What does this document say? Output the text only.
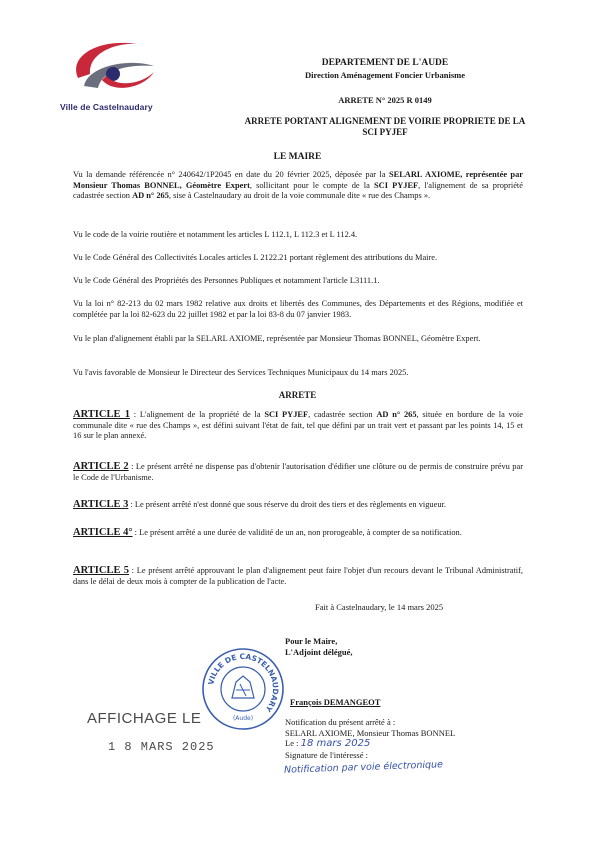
Ville de Castelnaudary
DEPARTEMENT DE L'AUDE
Direction Aménagement Foncier Urbanisme
ARRETE N° 2025 R 0149
ARRETE PORTANT ALIGNEMENT DE VOIRIE PROPRIETE DE LA SCI PYJEF
LE MAIRE
Vu la demande référencée n° 240642/1P2045 en date du 20 février 2025, déposée par la SELARL AXIOME, représentée par Monsieur Thomas BONNEL, Géomètre Expert, sollicitant pour le compte de la SCI PYJEF, l'alignement de sa propriété cadastrée section AD n° 265, sise à Castelnaudary au droit de la voie communale dite « rue des Champs ».
Vu le code de la voirie routière et notamment les articles L 112.1, L 112.3 et L 112.4.
Vu le Code Général des Collectivités Locales articles L 2122.21 portant règlement des attributions du Maire.
Vu le Code Général des Propriétés des Personnes Publiques et notamment l'article L3111.1.
Vu la loi n° 82-213 du 02 mars 1982 relative aux droits et libertés des Communes, des Départements et des Régions, modifiée et complétée par la loi 82-623 du 22 juillet 1982 et par la loi 83-8 du 07 janvier 1983.
Vu le plan d'alignement établi par la SELARL AXIOME, représentée par Monsieur Thomas BONNEL, Géomètre Expert.
Vu l'avis favorable de Monsieur le Directeur des Services Techniques Municipaux du 14 mars 2025.
ARRETE
ARTICLE 1 : L'alignement de la propriété de la SCI PYJEF, cadastrée section AD n° 265, située en bordure de la voie communale dite « rue des Champs », est défini suivant l'état de fait, tel que défini par un trait vert et passant par les points 14, 15 et 16 sur le plan annexé.
ARTICLE 2 : Le présent arrêté ne dispense pas d'obtenir l'autorisation d'édifier une clôture ou de permis de construire prévu par le Code de l'Urbanisme.
ARTICLE 3 : Le présent arrêté n'est donné que sous réserve du droit des tiers et des règlements en vigueur.
ARTICLE 4° : Le présent arrêté a une durée de validité de un an, non prorogeable, à compter de sa notification.
ARTICLE 5 : Le présent arrêté approuvant le plan d'alignement peut faire l'objet d'un recours devant le Tribunal Administratif, dans le délai de deux mois à compter de la publication de l'acte.
Fait à Castelnaudary, le 14 mars 2025
Pour le Maire,
L'Adjoint délégué,
François DEMANGEOT
VILLE DE CASTELNAUDARY
(Aude)
AFFICHAGE LE
1 8 MARS 2025
Notification du présent arrêté à :
SELARL AXIOME, Monsieur Thomas BONNEL
Le : 18 mars 2025
Signature de l'intéressé :
Notification par voie électronique
